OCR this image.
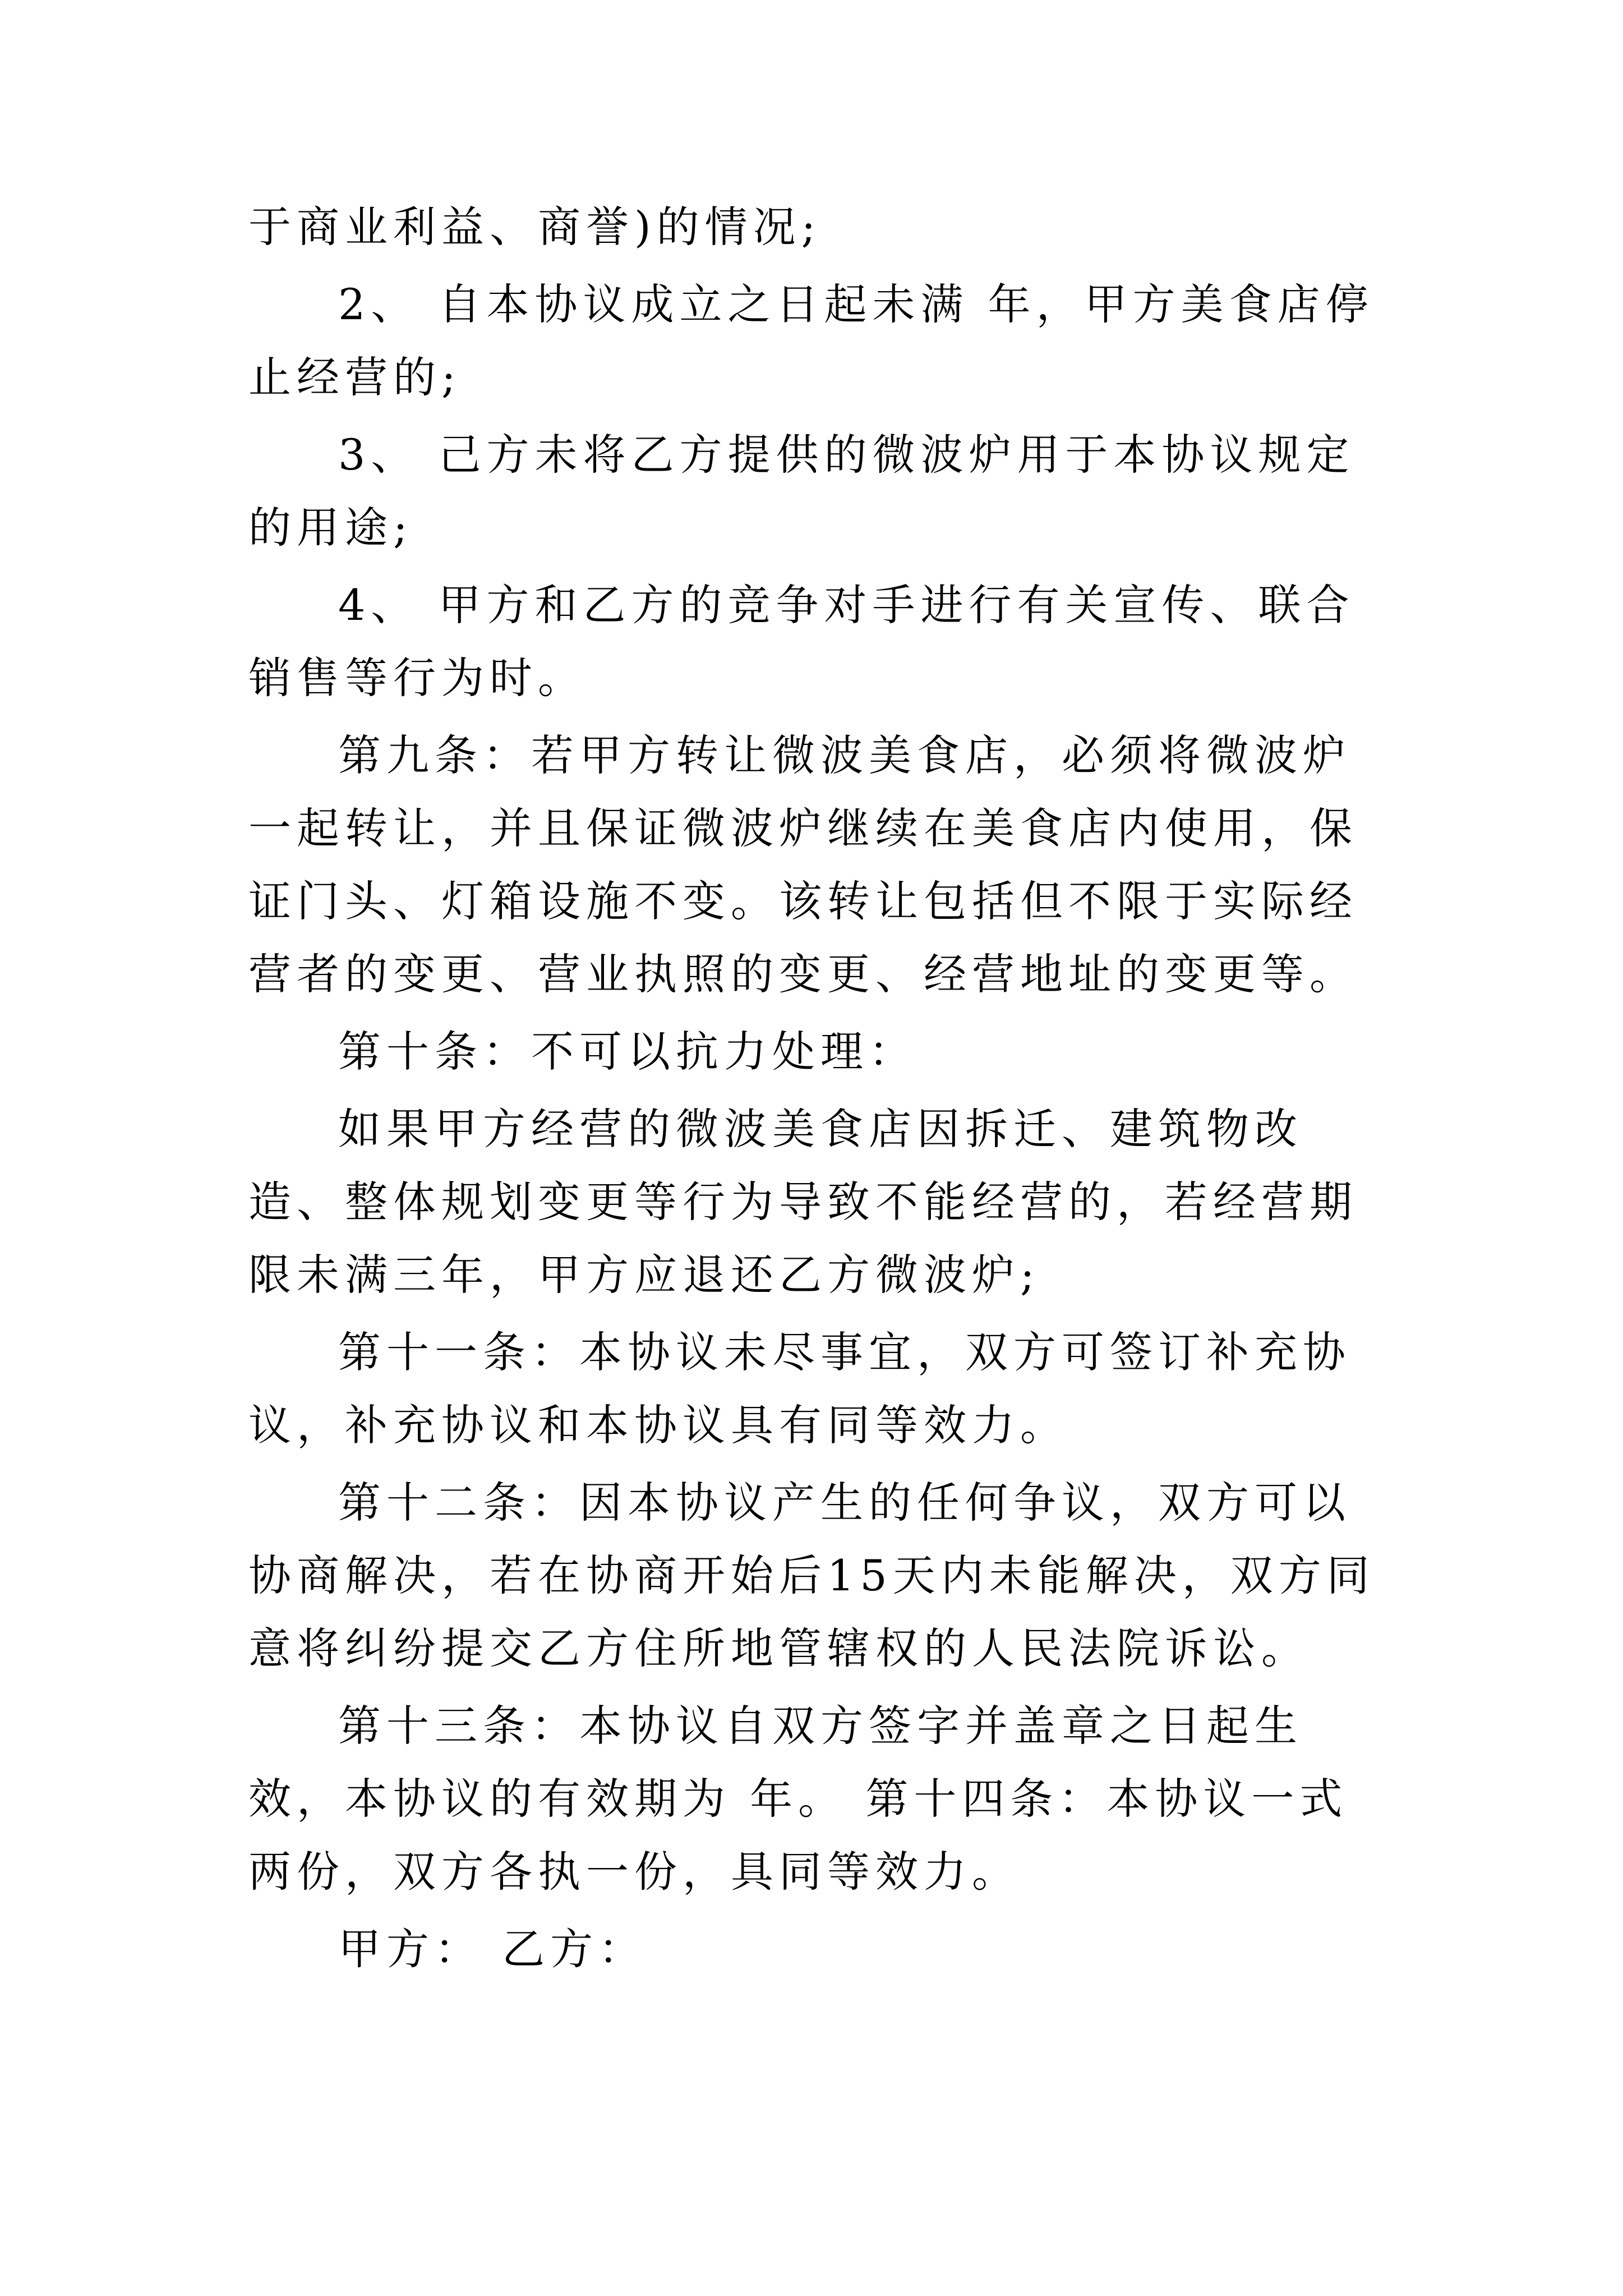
于商业利益、商誉)的情况;

2、 自本协议成立之日起未满 年，甲方美食店停止经营的;

3、 己方未将乙方提供的微波炉用于本协议规定的用途;

4、 甲方和乙方的竞争对手进行有关宣传、联合销售等行为时。

第九条：若甲方转让微波美食店，必须将微波炉一起转让，并且保证微波炉继续在美食店内使用，保证门头、灯箱设施不变。该转让包括但不限于实际经营者的变更、营业执照的变更、经营地址的变更等。

第十条：不可以抗力处理：

如果甲方经营的微波美食店因拆迁、建筑物改造、整体规划变更等行为导致不能经营的，若经营期限未满三年，甲方应退还乙方微波炉;

第十一条：本协议未尽事宜，双方可签订补充协议，补充协议和本协议具有同等效力。

第十二条：因本协议产生的任何争议，双方可以协商解决，若在协商开始后15天内未能解决，双方同意将纠纷提交乙方住所地管辖权的人民法院诉讼。

第十三条：本协议自双方签字并盖章之日起生效，本协议的有效期为 年。 第十四条：本协议一式两份，双方各执一份，具同等效力。

甲方： 乙方：
